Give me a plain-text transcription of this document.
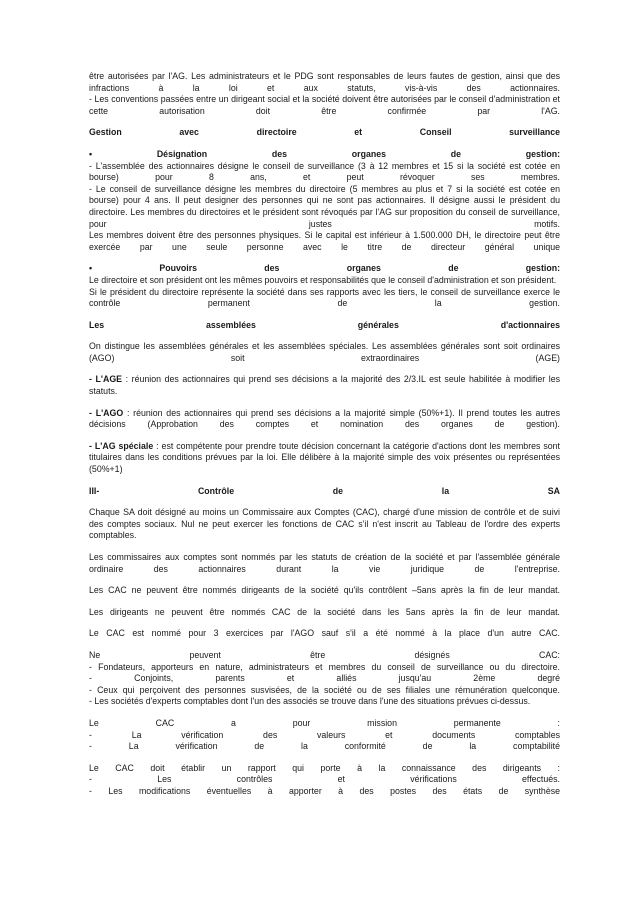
être autorisées par l'AG. Les administrateurs et le PDG sont responsables de leurs fautes de gestion, ainsi que des infractions à la loi et aux statuts, vis-à-vis des actionnaires.

- Les conventions passées entre un dirigeant social et la société doivent être autorisées par le conseil d'administration et cette autorisation doit être confirmée par l'AG.

Gestion avec directoire et Conseil surveillance

• Désignation des organes de gestion:

- L'assemblée des actionnaires désigne le conseil de surveillance (3 à 12 membres et 15 si la société est cotée en bourse) pour 8 ans, et peut révoquer ses membres.

- Le conseil de surveillance désigne les membres du directoire (5 membres au plus et 7 si la société est cotée en bourse) pour 4 ans. Il peut designer des personnes qui ne sont pas actionnaires. Il désigne aussi le président du directoire. Les membres du directoires et le président sont révoqués par l'AG sur proposition du conseil de surveillance, pour justes motifs.

Les membres doivent être des personnes physiques. Si le capital est inférieur à 1.500.000 DH, le directoire peut être exercée par une seule personne avec le titre de directeur général unique

• Pouvoirs des organes de gestion:

Le directoire et son président ont les mêmes pouvoirs et responsabilités que le conseil d'administration et son président.

Si le président du directoire représente la société dans ses rapports avec les tiers, le conseil de surveillance exerce le contrôle permanent de la gestion.

Les assemblées générales d'actionnaires

On distingue les assemblées générales et les assemblées spéciales. Les assemblées générales sont soit ordinaires (AGO) soit extraordinaires (AGE)

- L'AGE : réunion des actionnaires qui prend ses décisions a la majorité des 2/3.IL est seule habilitée à modifier les statuts.

- L'AGO : réunion des actionnaires qui prend ses décisions a la majorité simple (50%+1). Il prend toutes les autres décisions (Approbation des comptes et nomination des organes de gestion).

- L'AG spéciale : est compétente pour prendre toute décision concernant la catégorie d'actions dont les membres sont titulaires dans les conditions prévues par la loi. Elle délibère à la majorité simple des voix présentes ou représentées (50%+1)

III- Contrôle de la SA

Chaque SA doit désigné au moins un Commissaire aux Comptes (CAC), chargé d'une mission de contrôle et de suivi des comptes sociaux. Nul ne peut exercer les fonctions de CAC s'il n'est inscrit au Tableau de l'ordre des experts comptables.

Les commissaires aux comptes sont nommés par les statuts de création de la société et par l'assemblée générale ordinaire des actionnaires durant la vie juridique de l'entreprise.

Les CAC ne peuvent être nommés dirigeants de la société qu'ils contrôlent –5ans après la fin de leur mandat.

Les dirigeants ne peuvent être nommés CAC de la société dans les 5ans après la fin de leur mandat.

Le CAC est nommé pour 3 exercices par l'AGO sauf s'il a été nommé à la place d'un autre CAC.

Ne peuvent être désignés CAC:

- Fondateurs, apporteurs en nature, administrateurs et membres du conseil de surveillance ou du directoire.

- Conjoints, parents et alliés jusqu'au 2ème degré

- Ceux qui perçoivent des personnes susvisées, de la société ou de ses filiales une rémunération quelconque.

- Les sociétés d'experts comptables dont l'un des associés se trouve dans l'une des situations prévues ci-dessus.

Le CAC a pour mission permanente :

- La vérification des valeurs et documents comptables

- La vérification de la conformité de la comptabilité

Le CAC doit établir un rapport qui porte à la connaissance des dirigeants :

- Les contrôles et vérifications effectués.

- Les modifications éventuelles à apporter à des postes des états de synthèse
